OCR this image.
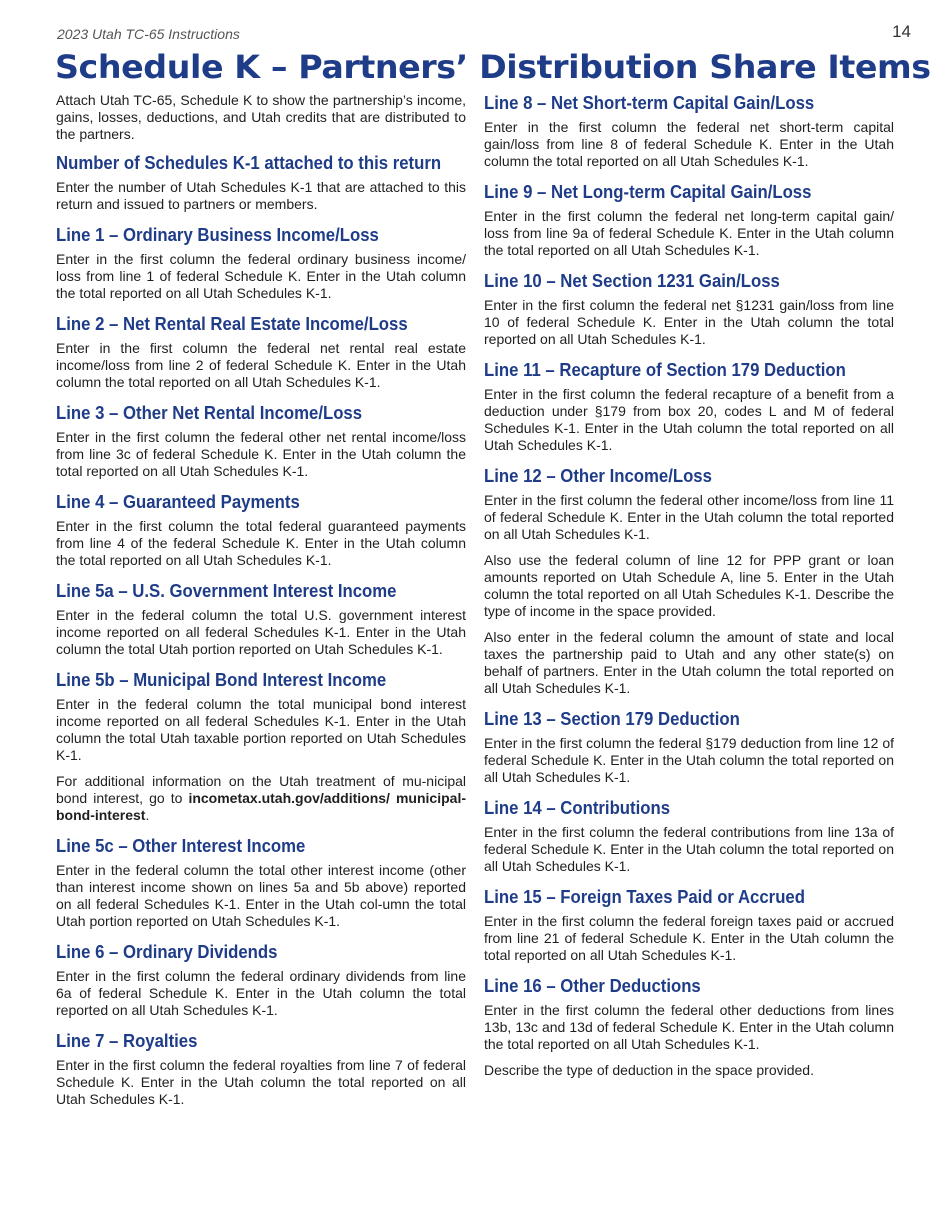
2023 Utah TC-65 Instructions	14
Schedule K – Partners’ Distribution Share Items

Attach Utah TC-65, Schedule K to show the partnership’s income, gains, losses, deductions, and Utah credits that are distributed to the partners.

Number of Schedules K-1 attached to this return

Enter the number of Utah Schedules K-1 that are attached to this return and issued to partners or members.

Line 1 – Ordinary Business Income/Loss

Enter in the first column the federal ordinary business income/ loss from line 1 of federal Schedule K. Enter in the Utah column the total reported on all Utah Schedules K-1.

Line 2 – Net Rental Real Estate Income/Loss

Enter in the first column the federal net rental real estate income/loss from line 2 of federal Schedule K. Enter in the Utah column the total reported on all Utah Schedules K-1.

Line 3 – Other Net Rental Income/Loss

Enter in the first column the federal other net rental income/loss from line 3c of federal Schedule K. Enter in the Utah column the total reported on all Utah Schedules K-1.

Line 4 – Guaranteed Payments

Enter in the first column the total federal guaranteed payments from line 4 of the federal Schedule K. Enter in the Utah column the total reported on all Utah Schedules K-1.

Line 5a – U.S. Government Interest Income

Enter in the federal column the total U.S. government interest income reported on all federal Schedules K-1. Enter in the Utah column the total Utah portion reported on Utah Schedules K-1.

Line 5b – Municipal Bond Interest Income

Enter in the federal column the total municipal bond interest income reported on all federal Schedules K-1. Enter in the Utah column the total Utah taxable portion reported on Utah Schedules K-1.

For additional information on the Utah treatment of mu-nicipal bond interest, go to incometax.utah.gov/additions/ municipal-bond-interest.

Line 5c – Other Interest Income

Enter in the federal column the total other interest income (other than interest income shown on lines 5a and 5b above) reported on all federal Schedules K-1. Enter in the Utah col-umn the total Utah portion reported on Utah Schedules K-1.

Line 6 – Ordinary Dividends

Enter in the first column the federal ordinary dividends from line 6a of federal Schedule K. Enter in the Utah column the total reported on all Utah Schedules K-1.

Line 7 – Royalties

Enter in the first column the federal royalties from line 7 of federal Schedule K. Enter in the Utah column the total reported on all Utah Schedules K-1.

Line 8 – Net Short-term Capital Gain/Loss

Enter in the first column the federal net short-term capital gain/loss from line 8 of federal Schedule K. Enter in the Utah column the total reported on all Utah Schedules K-1.

Line 9 – Net Long-term Capital Gain/Loss

Enter in the first column the federal net long-term capital gain/ loss from line 9a of federal Schedule K. Enter in the Utah column the total reported on all Utah Schedules K-1.

Line 10 – Net Section 1231 Gain/Loss

Enter in the first column the federal net §1231 gain/loss from line 10 of federal Schedule K. Enter in the Utah column the total reported on all Utah Schedules K-1.

Line 11 – Recapture of Section 179 Deduction

Enter in the first column the federal recapture of a benefit from a deduction under §179 from box 20, codes L and M of federal Schedules K-1. Enter in the Utah column the total reported on all Utah Schedules K-1.

Line 12 – Other Income/Loss

Enter in the first column the federal other income/loss from line 11 of federal Schedule K. Enter in the Utah column the total reported on all Utah Schedules K-1.

Also use the federal column of line 12 for PPP grant or loan amounts reported on Utah Schedule A, line 5. Enter in the Utah column the total reported on all Utah Schedules K-1. Describe the type of income in the space provided.

Also enter in the federal column the amount of state and local taxes the partnership paid to Utah and any other state(s) on behalf of partners. Enter in the Utah column the total reported on all Utah Schedules K-1.

Line 13 – Section 179 Deduction

Enter in the first column the federal §179 deduction from line 12 of federal Schedule K. Enter in the Utah column the total reported on all Utah Schedules K-1.

Line 14 – Contributions

Enter in the first column the federal contributions from line 13a of federal Schedule K. Enter in the Utah column the total reported on all Utah Schedules K-1.

Line 15 – Foreign Taxes Paid or Accrued

Enter in the first column the federal foreign taxes paid or accrued from line 21 of federal Schedule K. Enter in the Utah column the total reported on all Utah Schedules K-1.

Line 16 – Other Deductions

Enter in the first column the federal other deductions from lines 13b, 13c and 13d of federal Schedule K. Enter in the Utah column the total reported on all Utah Schedules K-1.

Describe the type of deduction in the space provided.
